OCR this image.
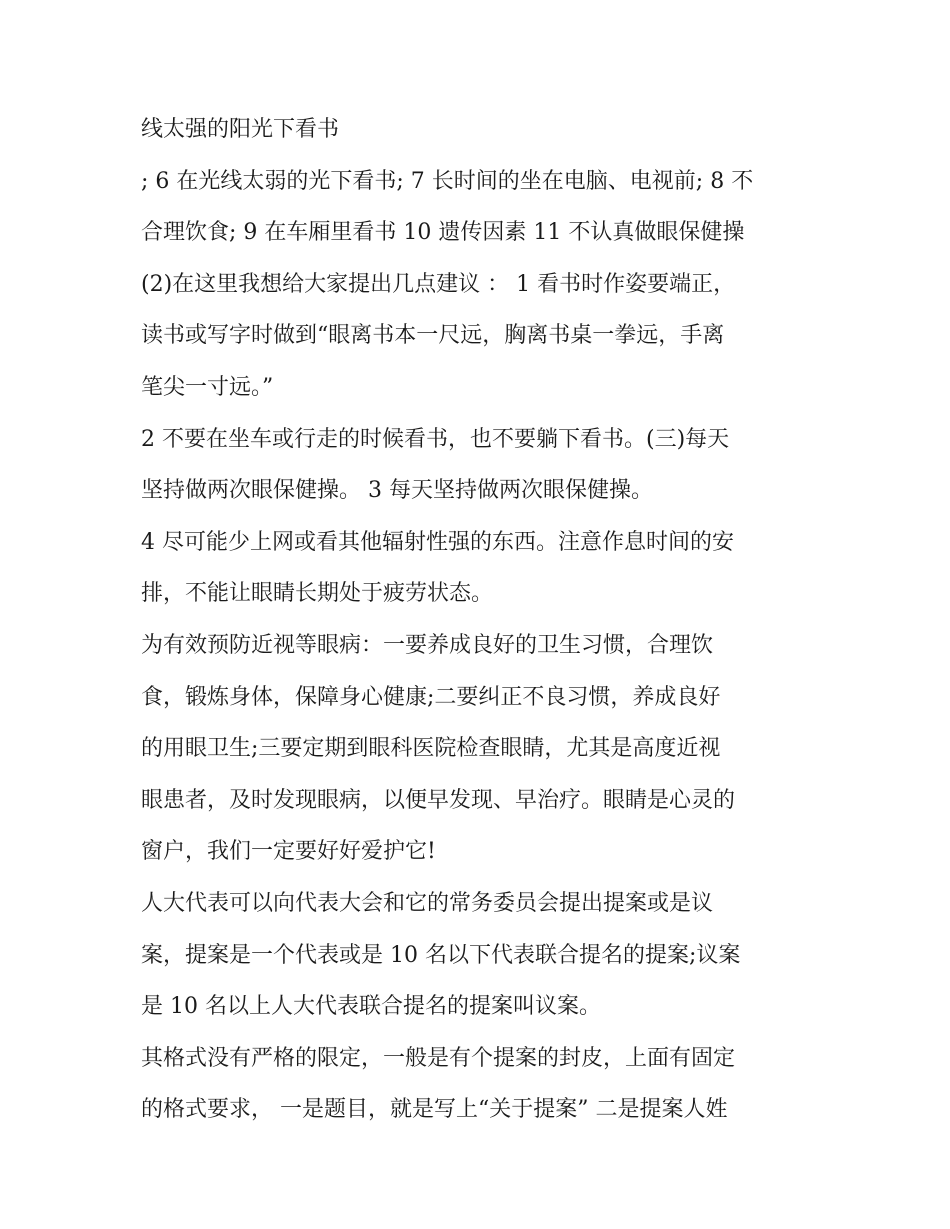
线太强的阳光下看书
; 6 在光线太弱的光下看书; 7 长时间的坐在电脑、电视前; 8 不
合理饮食; 9 在车厢里看书 10 遗传因素 11 不认真做眼保健操
(2)在这里我想给大家提出几点建议 ： 1 看书时作姿要端正，
读书或写字时做到“眼离书本一尺远，胸离书桌一拳远，手离
笔尖一寸远。”
2 不要在坐车或行走的时候看书，也不要躺下看书。(三)每天
坚持做两次眼保健操。 3 每天坚持做两次眼保健操。
4 尽可能少上网或看其他辐射性强的东西。注意作息时间的安
排，不能让眼睛长期处于疲劳状态。
为有效预防近视等眼病：一要养成良好的卫生习惯，合理饮
食，锻炼身体，保障身心健康;二要纠正不良习惯，养成良好
的用眼卫生;三要定期到眼科医院检查眼睛，尤其是高度近视
眼患者，及时发现眼病，以便早发现、早治疗。眼睛是心灵的
窗户，我们一定要好好爱护它!
人大代表可以向代表大会和它的常务委员会提出提案或是议
案，提案是一个代表或是 10 名以下代表联合提名的提案;议案
是 10 名以上人大代表联合提名的提案叫议案。
其格式没有严格的限定，一般是有个提案的封皮，上面有固定
的格式要求， 一是题目，就是写上“关于提案” 二是提案人姓
